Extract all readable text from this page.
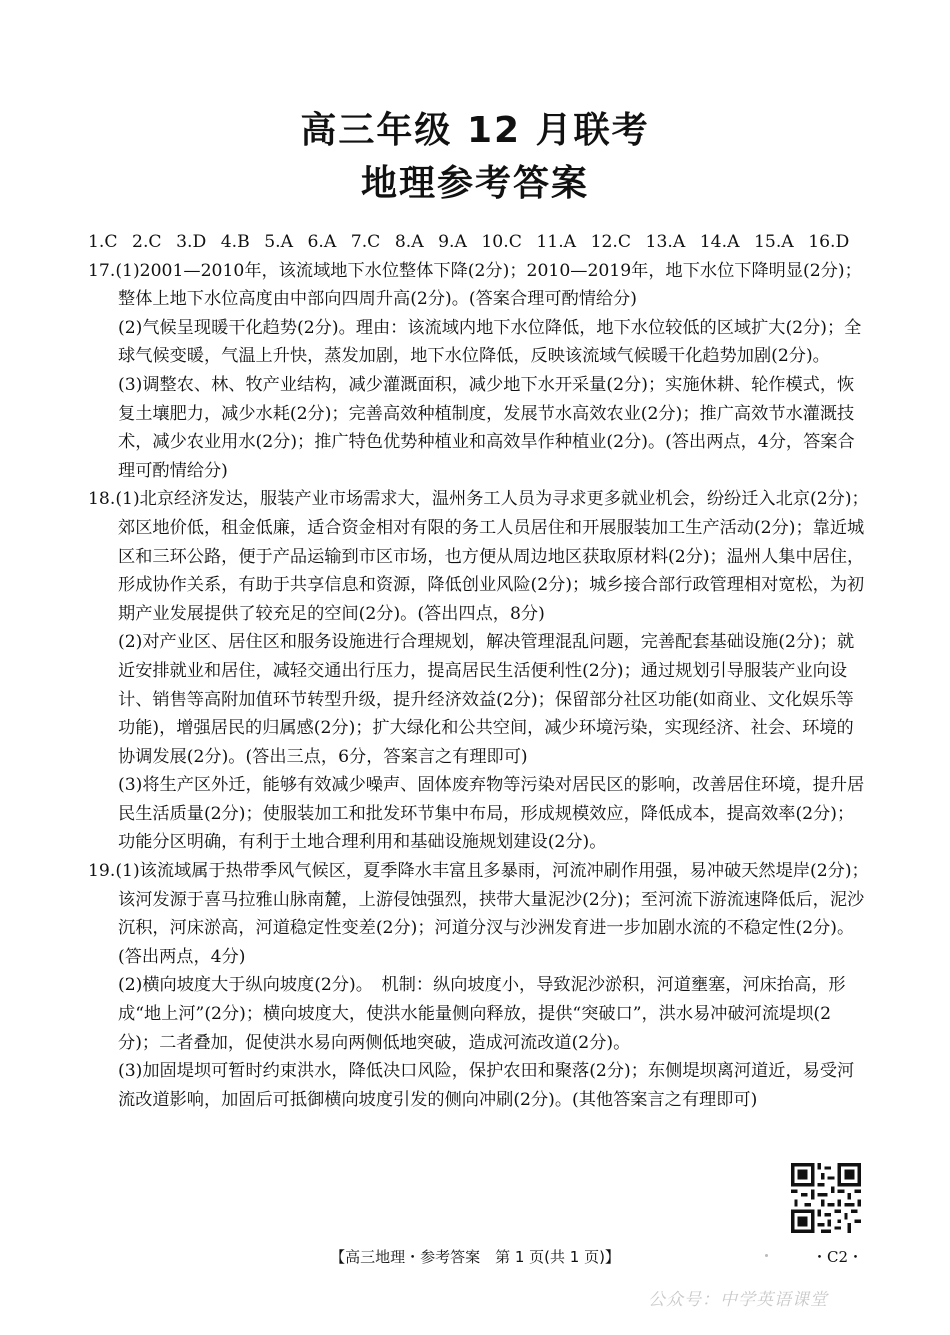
高三年级 12 月联考
地理参考答案

1.C 2.C 3.D 4.B 5.A 6.A 7.C 8.A 9.A 10.C 11.A 12.C 13.A 14.A 15.A 16.D

17.(1)2001—2010年，该流域地下水位整体下降(2分)；2010—2019年，地下水位下降明显(2分)；整体上地下水位高度由中部向四周升高(2分)。(答案合理可酌情给分)

(2)气候呈现暖干化趋势(2分)。理由：该流域内地下水位降低，地下水位较低的区域扩大(2分)；全球气候变暖，气温上升快，蒸发加剧，地下水位降低，反映该流域气候暖干化趋势加剧(2分)。

(3)调整农、林、牧产业结构，减少灌溉面积，减少地下水开采量(2分)；实施休耕、轮作模式，恢复土壤肥力，减少水耗(2分)；完善高效种植制度，发展节水高效农业(2分)；推广高效节水灌溉技术，减少农业用水(2分)；推广特色优势种植业和高效旱作种植业(2分)。(答出两点，4分，答案合理可酌情给分)

18.(1)北京经济发达，服装产业市场需求大，温州务工人员为寻求更多就业机会，纷纷迁入北京(2分)；郊区地价低，租金低廉，适合资金相对有限的务工人员居住和开展服装加工生产活动(2分)；靠近城区和三环公路，便于产品运输到市区市场，也方便从周边地区获取原材料(2分)；温州人集中居住，形成协作关系，有助于共享信息和资源，降低创业风险(2分)；城乡接合部行政管理相对宽松，为初期产业发展提供了较充足的空间(2分)。(答出四点，8分)

(2)对产业区、居住区和服务设施进行合理规划，解决管理混乱问题，完善配套基础设施(2分)；就近安排就业和居住，减轻交通出行压力，提高居民生活便利性(2分)；通过规划引导服装产业向设计、销售等高附加值环节转型升级，提升经济效益(2分)；保留部分社区功能(如商业、文化娱乐等功能)，增强居民的归属感(2分)；扩大绿化和公共空间，减少环境污染，实现经济、社会、环境的协调发展(2分)。(答出三点，6分，答案言之有理即可)

(3)将生产区外迁，能够有效减少噪声、固体废弃物等污染对居民区的影响，改善居住环境，提升居民生活质量(2分)；使服装加工和批发环节集中布局，形成规模效应，降低成本，提高效率(2分)；功能分区明确，有利于土地合理利用和基础设施规划建设(2分)。

19.(1)该流域属于热带季风气候区，夏季降水丰富且多暴雨，河流冲刷作用强，易冲破天然堤岸(2分)；该河发源于喜马拉雅山脉南麓，上游侵蚀强烈，挟带大量泥沙(2分)；至河流下游流速降低后，泥沙沉积，河床淤高，河道稳定性变差(2分)；河道分汊与沙洲发育进一步加剧水流的不稳定性(2分)。(答出两点，4分)

(2)横向坡度大于纵向坡度(2分)。　机制：纵向坡度小，导致泥沙淤积，河道壅塞，河床抬高，形成“地上河”(2分)；横向坡度大，使洪水能量侧向释放，提供“突破口”，洪水易冲破河流堤坝(2分)；二者叠加，促使洪水易向两侧低地突破，造成河流改道(2分)。

(3)加固堤坝可暂时约束洪水，降低决口风险，保护农田和聚落(2分)；东侧堤坝离河道近，易受河流改道影响，加固后可抵御横向坡度引发的侧向冲刷(2分)。(其他答案言之有理即可)

【高三地理・参考答案　第 1 页(共 1 页)】	・C2・
公众号：中学英语课堂
